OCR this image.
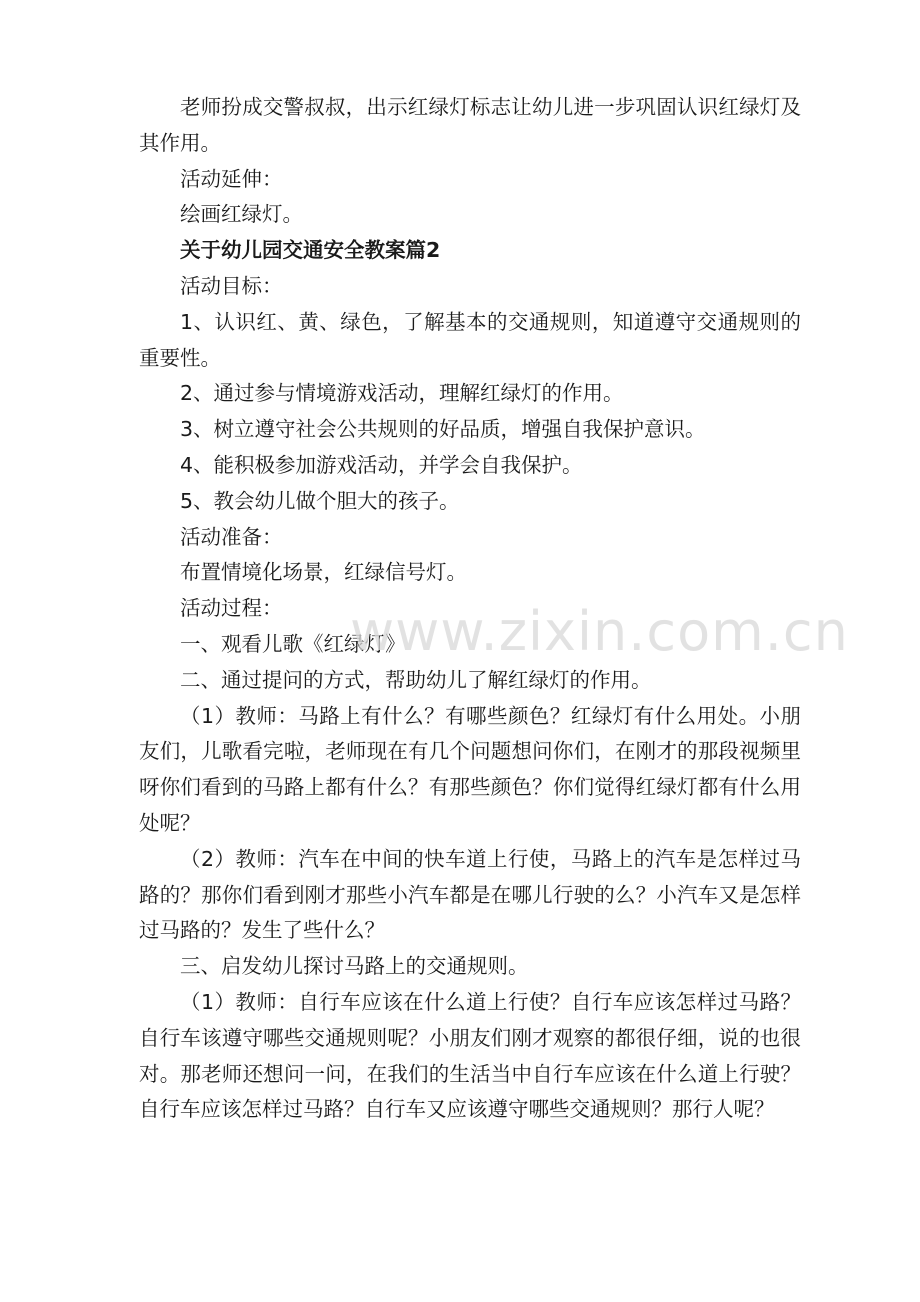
老师扮成交警叔叔，出示红绿灯标志让幼儿进一步巩固认识红绿灯及其作用。

活动延伸：

绘画红绿灯。

关于幼儿园交通安全教案篇2

活动目标：

1、认识红、黄、绿色，了解基本的交通规则，知道遵守交通规则的重要性。

2、通过参与情境游戏活动，理解红绿灯的作用。

3、树立遵守社会公共规则的好品质，增强自我保护意识。

4、能积极参加游戏活动，并学会自我保护。

5、教会幼儿做个胆大的孩子。

活动准备：

布置情境化场景，红绿信号灯。

活动过程：

一、观看儿歌《红绿灯》

二、通过提问的方式，帮助幼儿了解红绿灯的作用。

（1）教师：马路上有什么？有哪些颜色？红绿灯有什么用处。小朋友们，儿歌看完啦，老师现在有几个问题想问你们，在刚才的那段视频里呀你们看到的马路上都有什么？有那些颜色？你们觉得红绿灯都有什么用处呢？

（2）教师：汽车在中间的快车道上行使，马路上的汽车是怎样过马路的？那你们看到刚才那些小汽车都是在哪儿行驶的么？小汽车又是怎样过马路的？发生了些什么？

三、启发幼儿探讨马路上的交通规则。

（1）教师：自行车应该在什么道上行使？自行车应该怎样过马路？自行车该遵守哪些交通规则呢？小朋友们刚才观察的都很仔细，说的也很对。那老师还想问一问，在我们的生活当中自行车应该在什么道上行驶？自行车应该怎样过马路？自行车又应该遵守哪些交通规则？那行人呢？

www.zixin.com.cn
